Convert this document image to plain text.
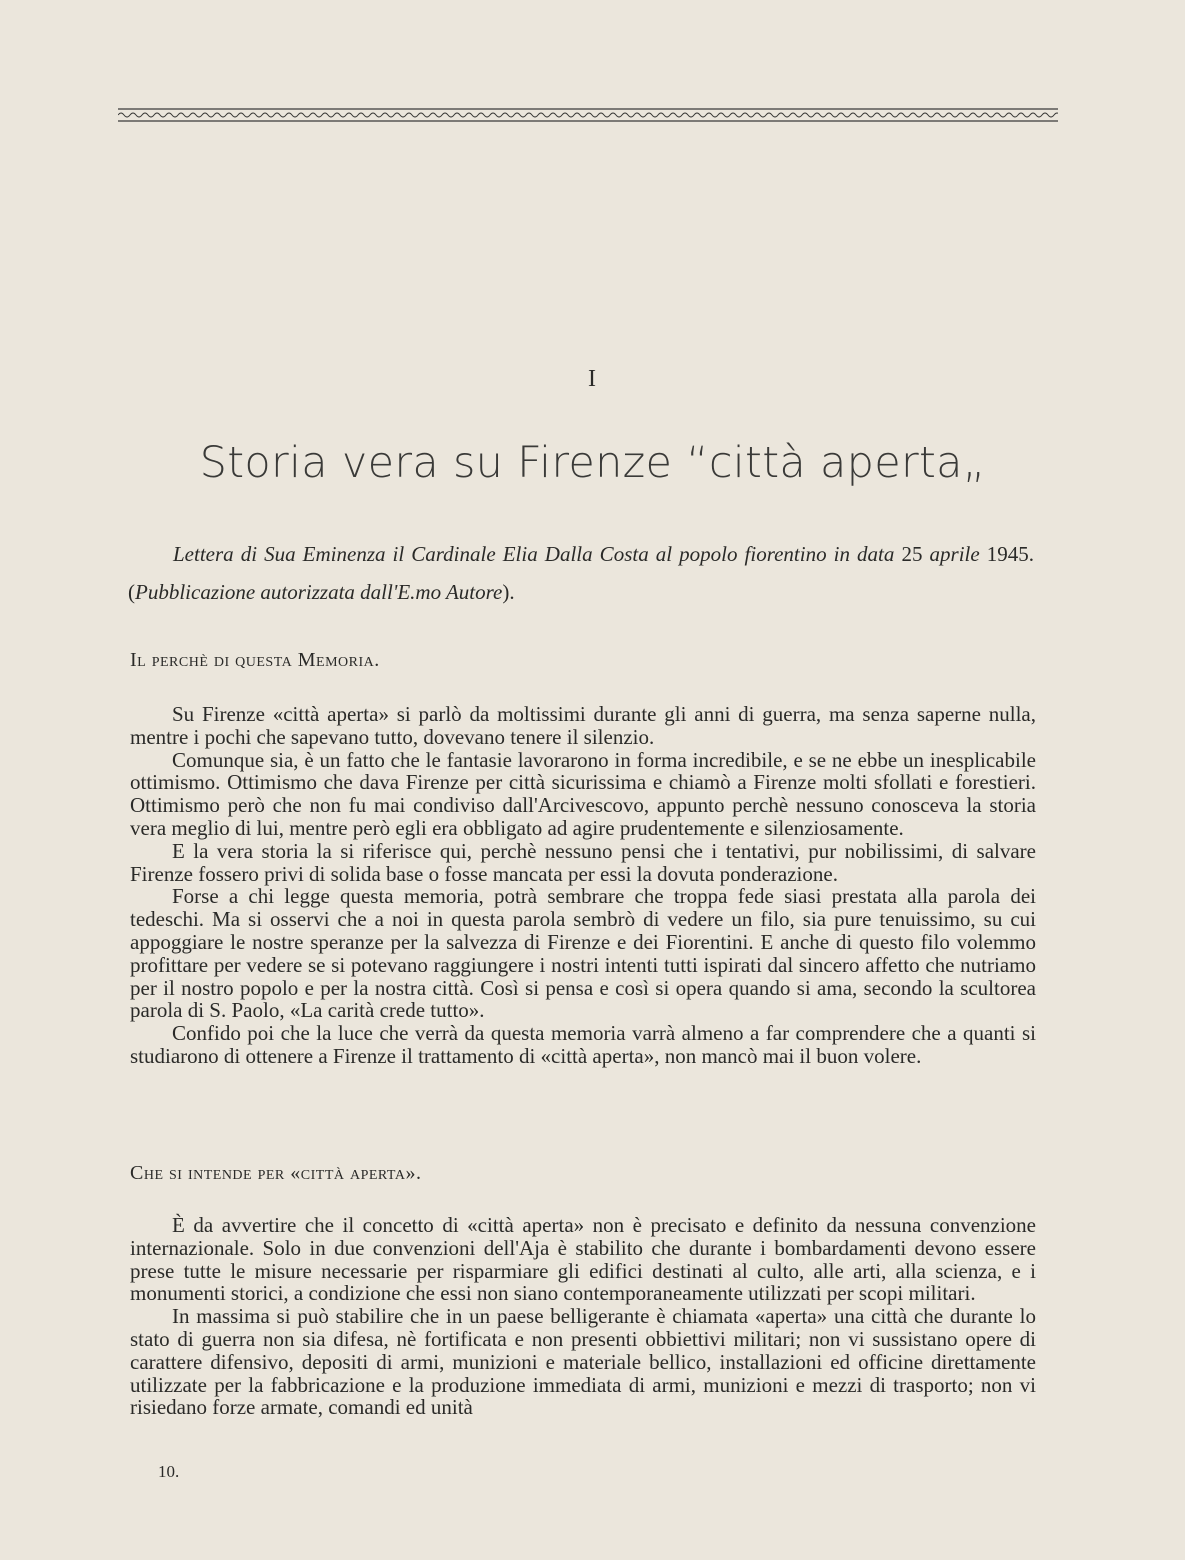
I
Storia vera su Firenze “città aperta„
Lettera di Sua Eminenza il Cardinale Elia Dalla Costa al popolo fiorentino in data 25 aprile 1945. (Pubblicazione autorizzata dall'E.mo Autore).
Il perchè di questa Memoria.

Su Firenze «città aperta» si parlò da moltissimi durante gli anni di guerra, ma senza saperne nulla, mentre i pochi che sapevano tutto, dovevano tenere il silenzio.

Comunque sia, è un fatto che le fantasie lavorarono in forma incredibile, e se ne ebbe un inesplicabile ottimismo. Ottimismo che dava Firenze per città sicurissima e chiamò a Firenze molti sfollati e forestieri. Ottimismo però che non fu mai condiviso dall'Arcivescovo, appunto perchè nessuno conosceva la storia vera meglio di lui, mentre però egli era obbligato ad agire prudentemente e silenziosamente.

E la vera storia la si riferisce qui, perchè nessuno pensi che i tentativi, pur nobilissimi, di salvare Firenze fossero privi di solida base o fosse mancata per essi la dovuta ponderazione.

Forse a chi legge questa memoria, potrà sembrare che troppa fede siasi prestata alla parola dei tedeschi. Ma si osservi che a noi in questa parola sembrò di vedere un filo, sia pure tenuissimo, su cui appoggiare le nostre speranze per la salvezza di Firenze e dei Fiorentini. E anche di questo filo volemmo profittare per vedere se si potevano raggiungere i nostri intenti tutti ispirati dal sincero affetto che nutriamo per il nostro popolo e per la nostra città. Così si pensa e così si opera quando si ama, secondo la scultorea parola di S. Paolo, «La carità crede tutto».

Confido poi che la luce che verrà da questa memoria varrà almeno a far comprendere che a quanti si studiarono di ottenere a Firenze il trattamento di «città aperta», non mancò mai il buon volere.

Che si intende per «città aperta».

È da avvertire che il concetto di «città aperta» non è precisato e definito da nessuna convenzione internazionale. Solo in due convenzioni dell'Aja è stabilito che durante i bombardamenti devono essere prese tutte le misure necessarie per risparmiare gli edifici destinati al culto, alle arti, alla scienza, e i monumenti storici, a condizione che essi non siano contemporaneamente utilizzati per scopi militari.

In massima si può stabilire che in un paese belligerante è chiamata «aperta» una città che durante lo stato di guerra non sia difesa, nè fortificata e non presenti obbiettivi militari; non vi sussistano opere di carattere difensivo, depositi di armi, munizioni e materiale bellico, installazioni ed officine direttamente utilizzate per la fabbricazione e la produzione immediata di armi, munizioni e mezzi di trasporto; non vi risiedano forze armate, comandi ed unità

10.
